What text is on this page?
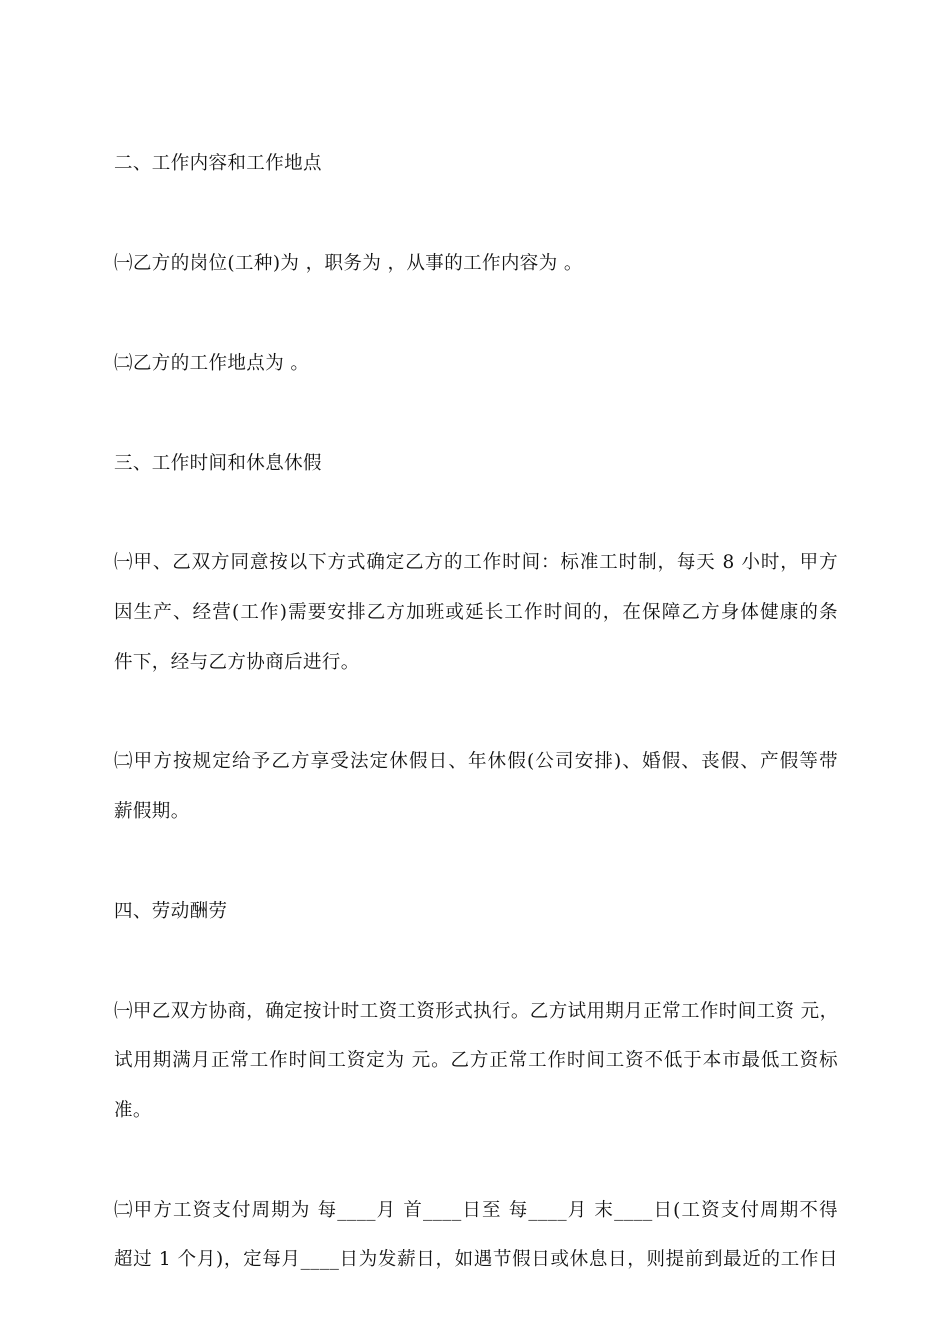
二、工作内容和工作地点
㈠乙方的岗位(工种)为 ，职务为 ，从事的工作内容为 。
㈡乙方的工作地点为 。
三、工作时间和休息休假
㈠甲、乙双方同意按以下方式确定乙方的工作时间：标准工时制，每天 8 小时，甲方
因生产、经营(工作)需要安排乙方加班或延长工作时间的，在保障乙方身体健康的条
件下，经与乙方协商后进行。
㈡甲方按规定给予乙方享受法定休假日、年休假(公司安排)、婚假、丧假、产假等带
薪假期。
四、劳动酬劳
㈠甲乙双方协商，确定按计时工资工资形式执行。乙方试用期月正常工作时间工资 元，
试用期满月正常工作时间工资定为 元。乙方正常工作时间工资不低于本市最低工资标
准。
㈡甲方工资支付周期为 每____月 首____日至 每____月 末____日(工资支付周期不得
超过 1 个月)，定每月____日为发薪日，如遇节假日或休息日，则提前到最近的工作日
